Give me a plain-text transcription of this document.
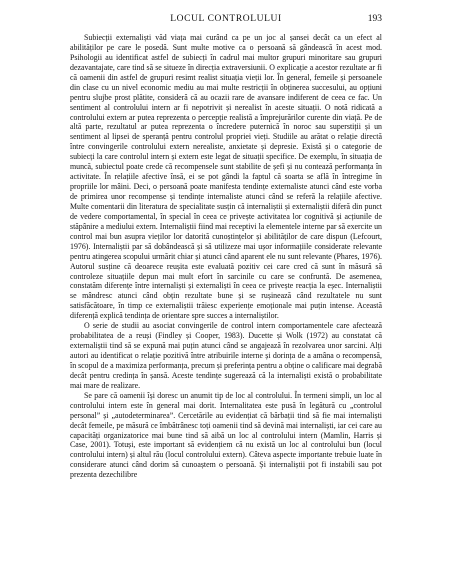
LOCUL CONTROLULUI	193

Subiecții externaliști văd viața mai curând ca pe un joc al șansei decât ca un efect al abilităților pe care le posedă. Sunt multe motive ca o persoană să gândească în acest mod. Psihologii au identificat astfel de subiecți în cadrul mai multor grupuri minoritare sau grupuri dezavantajate, care tind să se situeze în direcția extraversiunii. O explicație a acestor rezultate ar fi că oamenii din astfel de grupuri resimt realist situația vieții lor. În general, femeile și persoanele din clase cu un nivel economic mediu au mai multe restricții în obținerea succesului, au opțiuni pentru slujbe prost plătite, consideră că au ocazii rare de avansare indiferent de ceea ce fac. Un sentiment al controlului intern ar fi nepotrivit și nerealist în aceste situații. O notă ridicată a controlului extern ar putea reprezenta o percepție realistă a împrejurărilor curente din viață. Pe de altă parte, rezultatul ar putea reprezenta o încredere puternică în noroc sau superstiții și un sentiment al lipsei de speranță pentru controlul propriei vieți. Studiile au arătat o relație directă între convingerile controlului extern nerealiste, anxietate și depresie. Există și o categorie de subiecți la care controlul intern și extern este legat de situații specifice. De exemplu, în situația de muncă, subiectul poate crede că recompensele sunt stabilite de șefi și nu contează performanța în activitate. În relațiile afective însă, ei se pot gândi la faptul că soarta se află în întregime în propriile lor mâini. Deci, o persoană poate manifesta tendințe externaliste atunci când este vorba de primirea unor recompense și tendințe internaliste atunci când se referă la relațiile afective. Multe comentarii din literatura de specialitate susțin că internaliștii și externaliștii diferă din punct de vedere comportamental, în special în ceea ce privește activitatea lor cognitivă și acțiunile de stăpânire a mediului extern. Internaliștii fiind mai receptivi la elementele interne par să exercite un control mai bun asupra vieților lor datorită cunoștințelor și abilităților de care dispun (Lefcourt, 1976). Internaliștii par să dobândească și să utilizeze mai ușor informațiile considerate relevante pentru atingerea scopului urmărit chiar și atunci când aparent ele nu sunt relevante (Phares, 1976). Autorul susține că deoarece reușita este evaluată pozitiv cei care cred că sunt în măsură să controleze situațiile depun mai mult efort în sarcinile cu care se confruntă. De asemenea, constatăm diferențe între internaliști și externaliști în ceea ce privește reacția la eșec. Internaliștii se mândresc atunci când obțin rezultate bune și se rușinează când rezultatele nu sunt satisfăcătoare, în timp ce externaliștii trăiesc experiențe emoționale mai puțin intense. Această diferență explică tendința de orientare spre succes a internaliștilor.

O serie de studii au asociat convingerile de control intern comportamentele care afectează probabilitatea de a reuși (Findley și Cooper, 1983). Ducette și Wolk (1972) au constatat că externaliștii tind să se expună mai puțin atunci când se angajează în rezolvarea unor sarcini. Alți autori au identificat o relație pozitivă între atribuirile interne și dorința de a amâna o recompensă, în scopul de a maximiza performanța, precum și preferința pentru a obține o calificare mai degrabă decât pentru credința în șansă. Aceste tendințe sugerează că la internaliști există o probabilitate mai mare de realizare.

Se pare că oamenii își doresc un anumit tip de loc al controlului. În termeni simpli, un loc al controlului intern este în general mai dorit. Internalitatea este pusă în legătură cu „controlul personal” și „autodeterminarea”. Cercetările au evidențiat că bărbații tind să fie mai internaliști decât femeile, pe măsură ce îmbătrânesc toți oamenii tind să devină mai internaliști, iar cei care au capacități organizatorice mai bune tind să aibă un loc al controlului intern (Mamlin, Harris și Case, 2001). Totuși, este important să evidențiem că nu există un loc al controlului bun (locul controlului intern) și altul rău (locul controlului extern). Câteva aspecte importante trebuie luate în considerare atunci când dorim să cunoaștem o persoană. Și internaliștii pot fi instabili sau pot prezenta dezechilibre
